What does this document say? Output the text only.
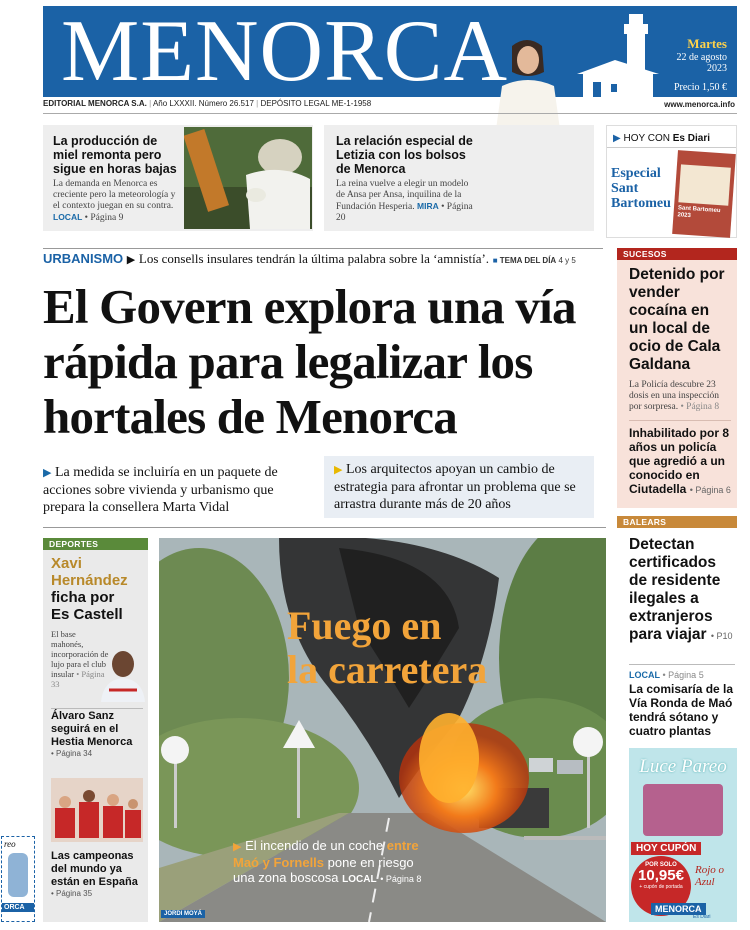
MENORCA	Martes
22 de agosto
2023
Precio 1,50 €
EDITORIAL MENORCA S.A. | Año LXXXII. Número 26.517 | DEPÓSITO LEGAL ME-1-1958	www.menorca.info
La producción de miel remonta pero sigue en horas bajas
La demanda en Menorca es creciente pero la meteorología y el contexto juegan en su contra. LOCAL • Página 9
La relación especial de Letizia con los bolsos de Menorca
La reina vuelve a elegir un modelo de Ansa per Ansa, inquilina de la Fundación Hesperia. MIRA • Página 20
▶ HOY CON Es Diari
Especial
Sant
Bartomeu	Sant Bartomeu 2023
URBANISMO ▶ Los consells insulares tendrán la última palabra sobre la ‘amnistía’. ■ TEMA DEL DÍA 4 y 5
El Govern explora una vía rápida para legalizar los hortales de Menorca
▶ La medida se incluiría en un paquete de acciones sobre vivienda y urbanismo que prepara la consellera Marta Vidal
▶ Los arquitectos apoyan un cambio de estrategia para afrontar un problema que se arrastra durante más de 20 años
SUCESOS
Detenido por vender cocaína en un local de ocio de Cala Galdana
La Policía descubre 23 dosis en una inspección por sorpresa. • Página 8
Inhabilitado por 8 años un policía que agredió a un conocido en Ciutadella • Página 6
BALEARS
Detectan certificados de residente ilegales a extranjeros para viajar • P10
LOCAL • Página 5
La comisaría de la Vía Ronda de Maó tendrá sótano y cuatro plantas
Luce Pareo
HOY CUPÓN
POR SOLO
10,95€
+ cupón de portada
Rojo o Azul
MENORCA
Es Diari
DEPORTES
Xavi
Hernández
ficha por
Es Castell
El base mahonés, incorporación de lujo para el club insular • Página 33
Álvaro Sanz seguirá en el Hestia Menorca
• Página 34
Las campeonas del mundo ya están en España
• Página 35
reo
ORCA
Fuego en
la carretera
▶ El incendio de un coche entre Maó y Fornells pone en riesgo una zona boscosa LOCAL • Página 8
JORDI MOYÁ
